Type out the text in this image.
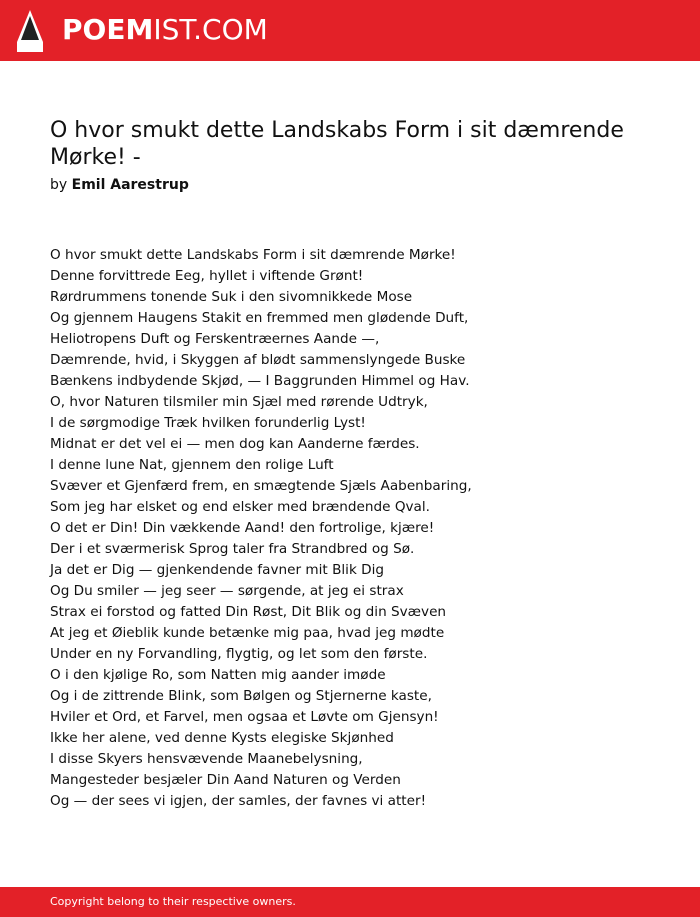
POEMIST.COM
O hvor smukt dette Landskabs Form i sit dæmrende Mørke! -
by Emil Aarestrup
O hvor smukt dette Landskabs Form i sit dæmrende Mørke!
Denne forvittrede Eeg, hyllet i viftende Grønt!
Rørdrummens tonende Suk i den sivomnikkede Mose
Og gjennem Haugens Stakit en fremmed men glødende Duft,
Heliotropens Duft og Ferskentræernes Aande —,
Dæmrende, hvid, i Skyggen af blødt sammenslyngede Buske
Bænkens indbydende Skjød, — I Baggrunden Himmel og Hav.
O, hvor Naturen tilsmiler min Sjæl med rørende Udtryk,
I de sørgmodige Træk hvilken forunderlig Lyst!
Midnat er det vel ei — men dog kan Aanderne færdes.
I denne lune Nat, gjennem den rolige Luft
Svæver et Gjenfærd frem, en smægtende Sjæls Aabenbaring,
Som jeg har elsket og end elsker med brændende Qval.
O det er Din! Din vækkende Aand! den fortrolige, kjære!
Der i et sværmerisk Sprog taler fra Strandbred og Sø.
Ja det er Dig — gjenkendende favner mit Blik Dig
Og Du smiler — jeg seer — sørgende, at jeg ei strax
Strax ei forstod og fatted Din Røst, Dit Blik og din Svæven
At jeg et Øieblik kunde betænke mig paa, hvad jeg mødte
Under en ny Forvandling, flygtig, og let som den første.
O i den kjølige Ro, som Natten mig aander imøde
Og i de zittrende Blink, som Bølgen og Stjernerne kaste,
Hviler et Ord, et Farvel, men ogsaa et Løvte om Gjensyn!
Ikke her alene, ved denne Kysts elegiske Skjønhed
I disse Skyers hensvævende Maanebelysning,
Mangesteder besjæler Din Aand Naturen og Verden
Og — der sees vi igjen, der samles, der favnes vi atter!
Copyright belong to their respective owners.
